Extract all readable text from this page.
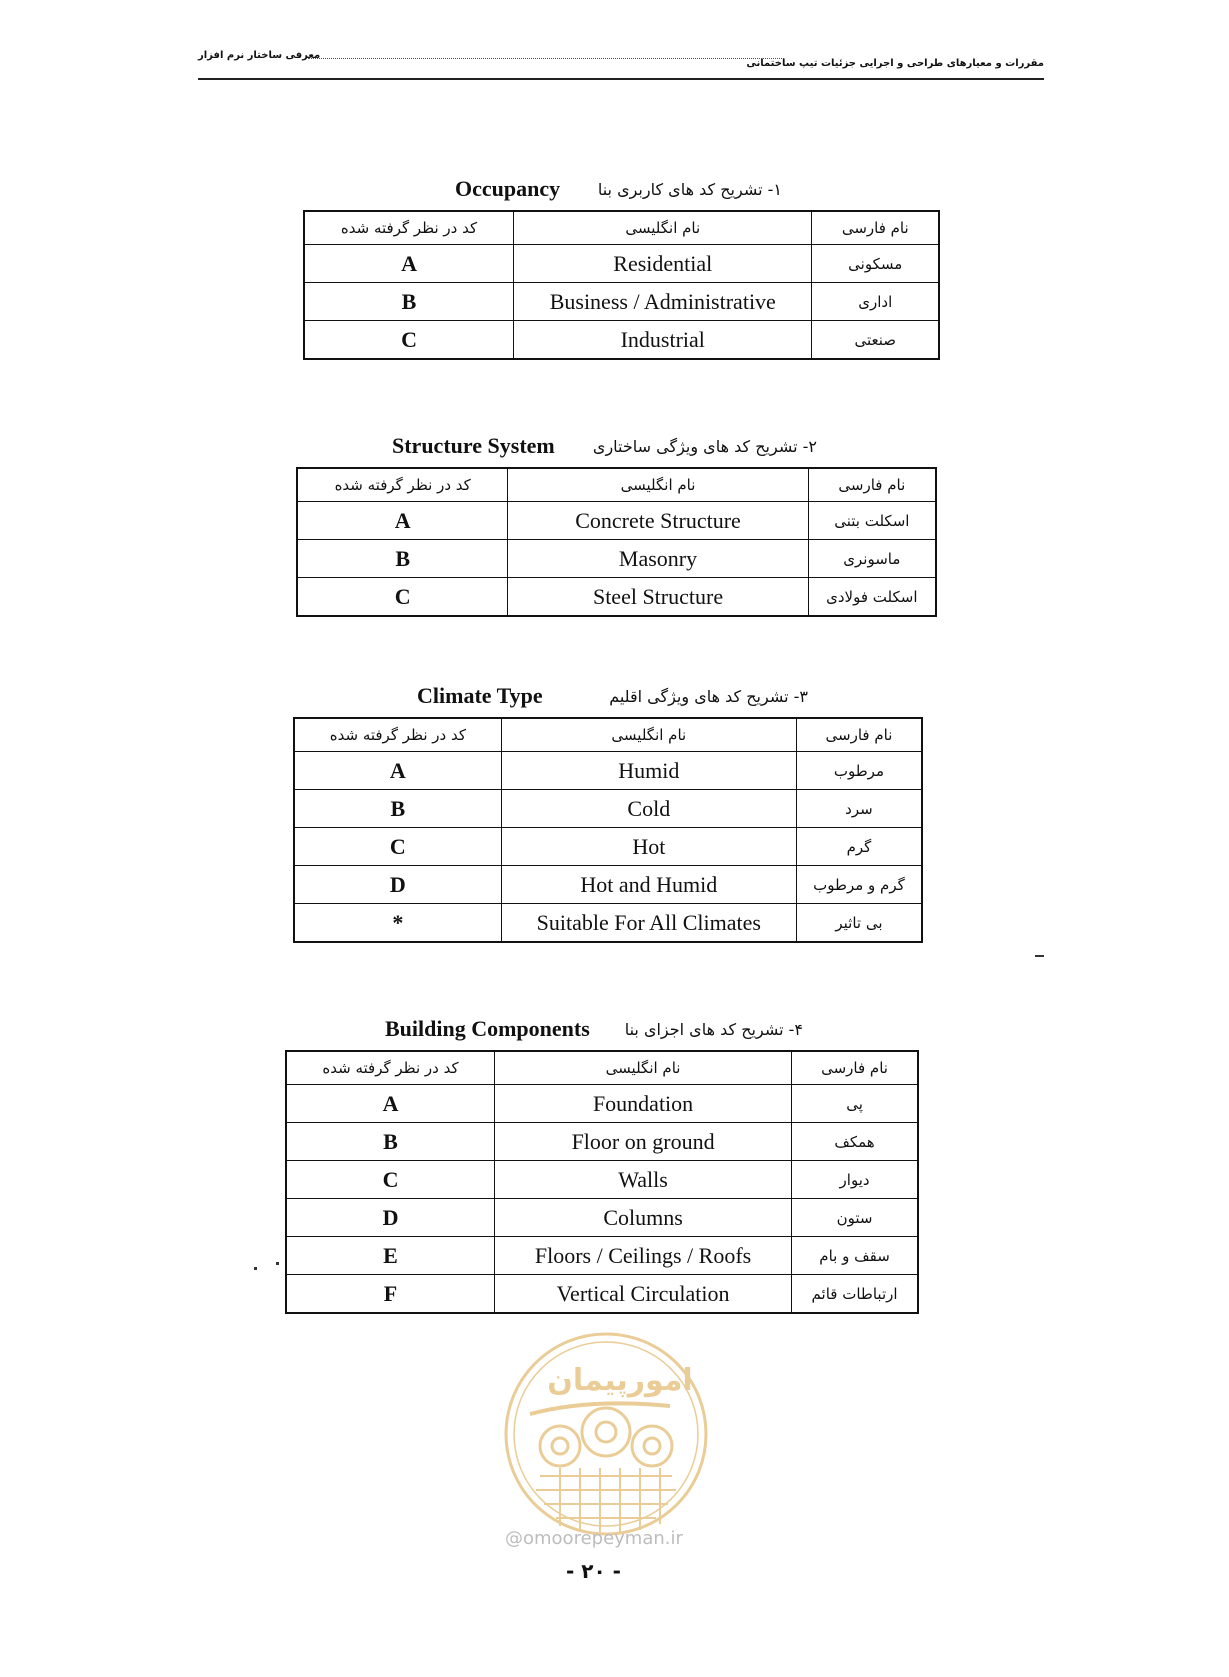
مقررات و معیارهای طراحی و اجرایی جزئیات تیپ ساختمانی
معرفی ساختار نرم افزار
Occupancy ۱- تشریح کد های کاربری بنا
کد در نظر گرفته شده	نام انگلیسی	نام فارسی
A	Residential	مسکونی
B	Business / Administrative	اداری
C	Industrial	صنعتی
Structure System ۲- تشریح کد های ویژگی ساختاری
کد در نظر گرفته شده	نام انگلیسی	نام فارسی
A	Concrete Structure	اسکلت بتنی
B	Masonry	ماسونری
C	Steel Structure	اسکلت فولادی
Climate Type	۳- تشریح کد های ویژگی اقلیم
کد در نظر گرفته شده	نام انگلیسی	نام فارسی
A	Humid	مرطوب
B	Cold	سرد
C	Hot	گرم
D	Hot and Humid	گرم و مرطوب
*	Suitable For All Climates	بی تاثیر
Building Components ۴- تشریح کد های اجزای بنا
کد در نظر گرفته شده	نام انگلیسی	نام فارسی
A	Foundation	پی
B	Floor on ground	همکف
C	Walls	دیوار
D	Columns	ستون
E	Floors / Ceilings / Roofs	سقف و بام
F	Vertical Circulation	ارتباطات قائم
امورپیمان
@omoorepeyman.ir
- ۲۰ -
